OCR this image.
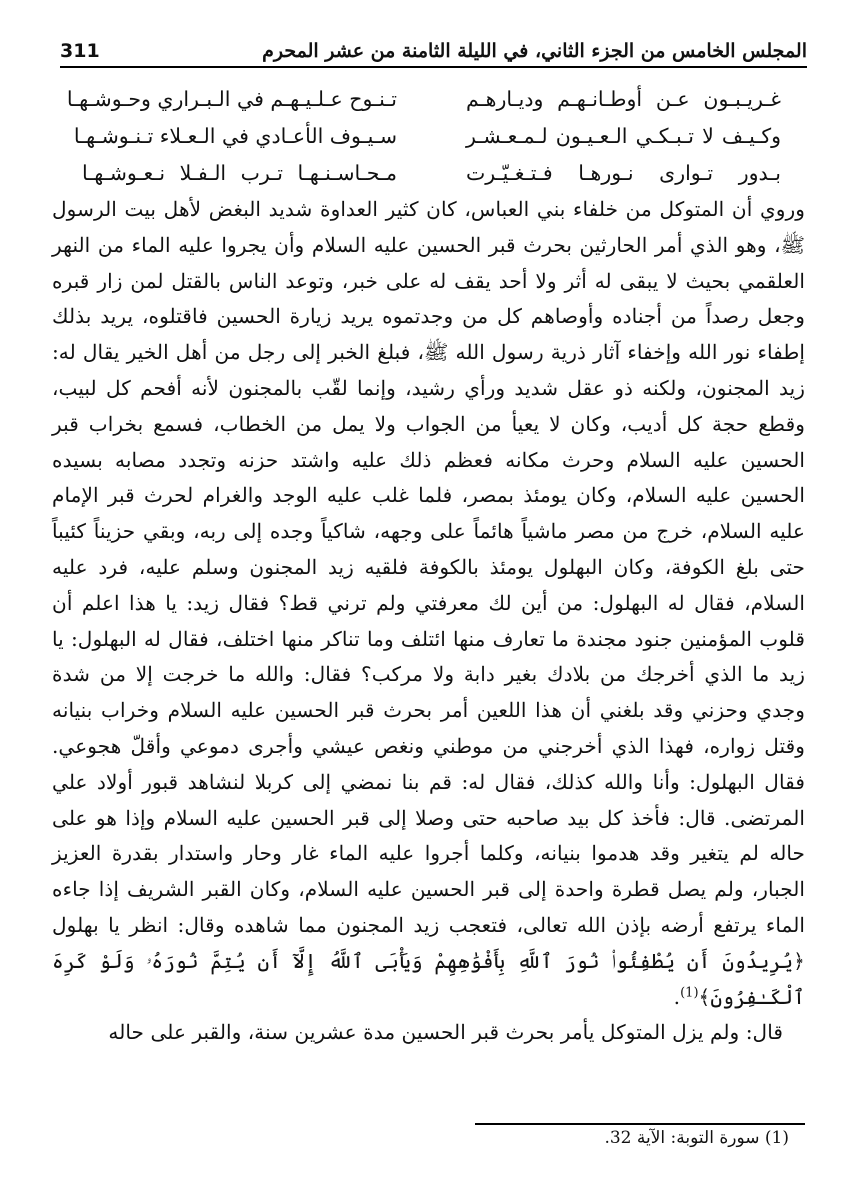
المجلس الخامس من الجزء الثاني، في الليلة الثامنة من عشر المحرم
311
غـريـبـون عـن أوطـانـهـم وديـارهـم
تـنـوح عـلـيـهـم في الـبـراري وحـوشـهـا
وكـيـف لا تـبـكـي الـعـيـون لـمـعـشـر
سـيـوف الأعـادي في الـعـلاء تـنـوشـهـا
بـدور تـوارى نـورهـا فـتـغـيّـرت
مـحـاسـنـهـا تـرب الـفـلا نـعـوشـهـا

وروي أن المتوكل من خلفاء بني العباس، كان كثير العداوة شديد البغض لأهل بيت الرسول ﷺ، وهو الذي أمر الحارثين بحرث قبر الحسين عليه السلام وأن يجروا عليه الماء من النهر العلقمي بحيث لا يبقى له أثر ولا أحد يقف له على خبر، وتوعد الناس بالقتل لمن زار قبره وجعل رصداً من أجناده وأوصاهم كل من وجدتموه يريد زيارة الحسين فاقتلوه، يريد بذلك إطفاء نور الله وإخفاء آثار ذرية رسول الله ﷺ، فبلغ الخبر إلى رجل من أهل الخير يقال له: زيد المجنون، ولكنه ذو عقل شديد ورأي رشيد، وإنما لقّب بالمجنون لأنه أفحم كل لبيب، وقطع حجة كل أديب، وكان لا يعيأ من الجواب ولا يمل من الخطاب، فسمع بخراب قبر الحسين عليه السلام وحرث مكانه فعظم ذلك عليه واشتد حزنه وتجدد مصابه بسيده الحسين عليه السلام، وكان يومئذ بمصر، فلما غلب عليه الوجد والغرام لحرث قبر الإمام عليه السلام، خرج من مصر ماشياً هائماً على وجهه، شاكياً وجده إلى ربه، وبقي حزيناً كئيباً حتى بلغ الكوفة، وكان البهلول يومئذ بالكوفة فلقيه زيد المجنون وسلم عليه، فرد عليه السلام، فقال له البهلول: من أين لك معرفتي ولم ترني قط؟ فقال زيد: يا هذا اعلم أن قلوب المؤمنين جنود مجندة ما تعارف منها ائتلف وما تناكر منها اختلف، فقال له البهلول: يا زيد ما الذي أخرجك من بلادك بغير دابة ولا مركب؟ فقال: والله ما خرجت إلا من شدة وجدي وحزني وقد بلغني أن هذا اللعين أمر بحرث قبر الحسين عليه السلام وخراب بنيانه وقتل زواره، فهذا الذي أخرجني من موطني ونغص عيشي وأجرى دموعي وأقلّ هجوعي. فقال البهلول: وأنا والله كذلك، فقال له: قم بنا نمضي إلى كربلا لنشاهد قبور أولاد علي المرتضى. قال: فأخذ كل بيد صاحبه حتى وصلا إلى قبر الحسين عليه السلام وإذا هو على حاله لم يتغير وقد هدموا بنيانه، وكلما أجروا عليه الماء غار وحار واستدار بقدرة العزيز الجبار، ولم يصل قطرة واحدة إلى قبر الحسين عليه السلام، وكان القبر الشريف إذا جاءه الماء يرتفع أرضه بإذن الله تعالى، فتعجب زيد المجنون مما شاهده وقال: انظر يا بهلول ﴿يُرِيدُونَ أَن يُطْفِئُوا۟ نُورَ ٱللَّهِ بِأَفْوَٰهِهِمْ وَيَأْبَى ٱللَّهُ إِلَّآ أَن يُتِمَّ نُورَهُۥ وَلَوْ كَرِهَ ٱلْكَـٰفِرُونَ﴾$^{(1)}$.

قال: ولم يزل المتوكل يأمر بحرث قبر الحسين مدة عشرين سنة، والقبر على حاله

(1) سورة التوبة: الآية 32.
